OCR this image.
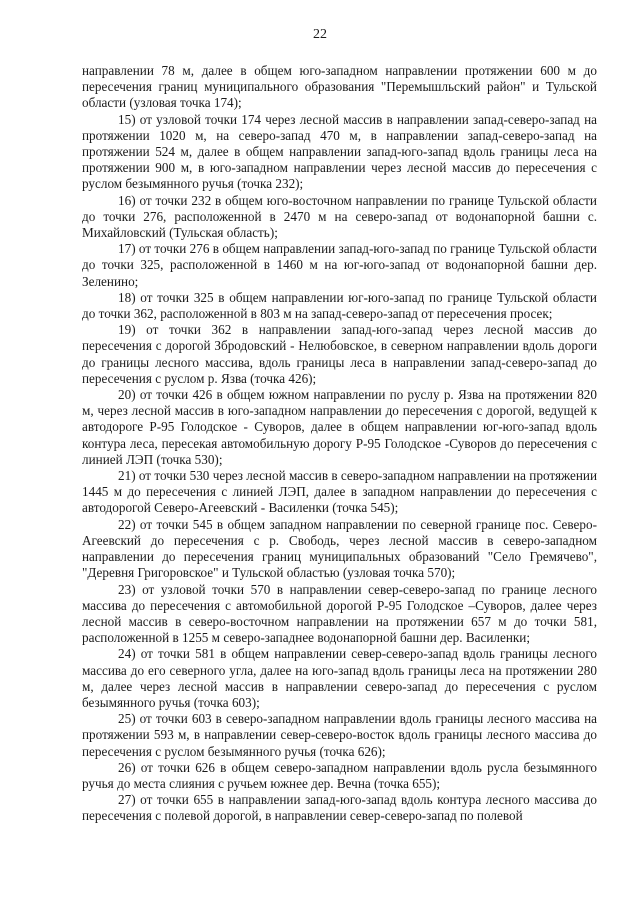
22

направлении 78 м, далее в общем юго-западном направлении протяжении 600 м до пересечения границ муниципального образования "Перемышльский район" и Тульской области (узловая точка 174);

15) от узловой точки 174 через лесной массив в направлении запад-северо-запад на протяжении 1020 м, на северо-запад 470 м, в направлении запад-северо-запад на протяжении 524 м, далее в общем направлении запад-юго-запад вдоль границы леса на протяжении 900 м, в юго-западном направлении через лесной массив до пересечения с руслом безымянного ручья (точка 232);

16) от точки 232 в общем юго-восточном направлении по границе Тульской области до точки 276, расположенной в 2470 м на северо-запад от водонапорной башни с. Михайловский (Тульская область);

17) от точки 276 в общем направлении запад-юго-запад по границе Тульской области до точки 325, расположенной в 1460 м на юг-юго-запад от водонапорной башни дер. Зеленино;

18) от точки 325 в общем направлении юг-юго-запад по границе Тульской области до точки 362, расположенной в 803 м на запад-северо-запад от пересечения просек;

19) от точки 362 в направлении запад-юго-запад через лесной массив до пересечения с дорогой Збродовский - Нелюбовское, в северном направлении вдоль дороги до границы лесного массива, вдоль границы леса в направлении запад-северо-запад до пересечения с руслом р. Язва (точка 426);

20) от точки 426 в общем южном направлении по руслу р. Язва на протяжении 820 м, через лесной массив в юго-западном направлении до пересечения с дорогой, ведущей к автодороге Р-95 Голодское - Суворов, далее в общем направлении юг-юго-запад вдоль контура леса, пересекая автомобильную дорогу Р-95 Голодское -Суворов до пересечения с линией ЛЭП (точка 530);

21) от точки 530 через лесной массив в северо-западном направлении на протяжении 1445 м до пересечения с линией ЛЭП, далее в западном направлении до пересечения с автодорогой Северо-Агеевский - Василенки (точка 545);

22) от точки 545 в общем западном направлении по северной границе пос. Северо-Агеевский до пересечения с р. Свободь, через лесной массив в северо-западном направлении до пересечения границ муниципальных образований "Село Гремячево", "Деревня Григоровское" и Тульской областью (узловая точка 570);

23) от узловой точки 570 в направлении север-северо-запад по границе лесного массива до пересечения с автомобильной дорогой Р-95 Голодское –Суворов, далее через лесной массив в северо-восточном направлении на протяжении 657 м до точки 581, расположенной в 1255 м северо-западнее водонапорной башни дер. Василенки;

24) от точки 581 в общем направлении север-северо-запад вдоль границы лесного массива до его северного угла, далее на юго-запад вдоль границы леса на протяжении 280 м, далее через лесной массив в направлении северо-запад до пересечения с руслом безымянного ручья (точка 603);

25) от точки 603 в северо-западном направлении вдоль границы лесного массива на протяжении 593 м, в направлении север-северо-восток вдоль границы лесного массива до пересечения с руслом безымянного ручья (точка 626);

26) от точки 626 в общем северо-западном направлении вдоль русла безымянного ручья до места слияния с ручьем южнее дер. Вечна (точка 655);

27) от точки 655 в направлении запад-юго-запад вдоль контура лесного массива до пересечения с полевой дорогой, в направлении север-северо-запад по полевой
